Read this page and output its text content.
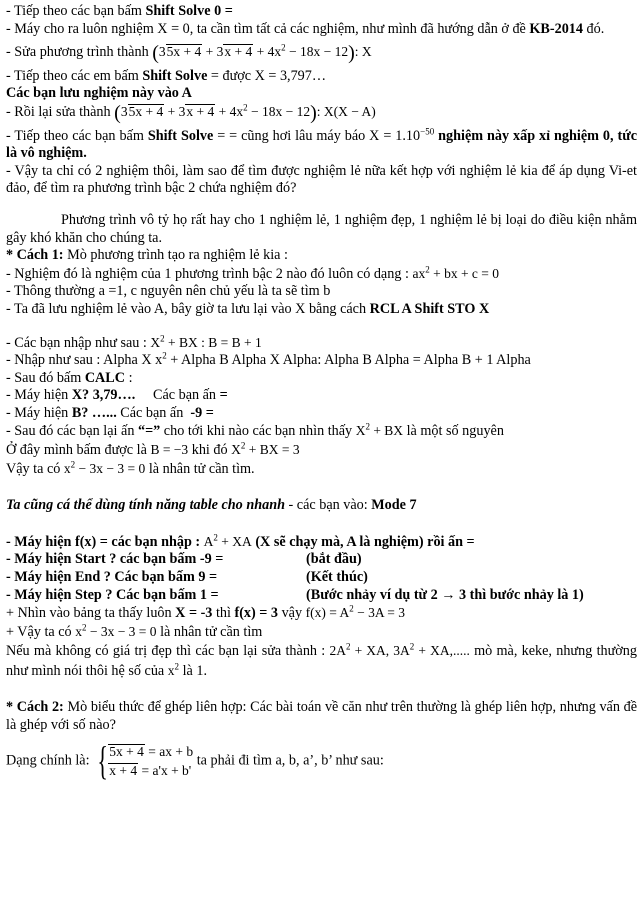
- Tiếp theo các bạn bấm Shift Solve 0 =

- Máy cho ra luôn nghiệm X = 0, ta cần tìm tất cả các nghiệm, như mình đã hướng dẫn ở đề KB-2014 đó.

- Sửa phương trình thành $(35x + 4 + 3x + 4 + 4x^2 - 18x - 12)$: X

- Tiếp theo các em bấm Shift Solve = được X = 3,797…

Các bạn lưu nghiệm này vào A

- Rồi lại sửa thành $(35x + 4 + 3x + 4 + 4x^2 - 18x - 12)$: X(X − A)

- Tiếp theo các bạn bấm Shift Solve = = cũng hơi lâu máy báo $X = 1.10^{-50}$ nghiệm này xấp xỉ nghiệm 0, tức là vô nghiệm.

- Vậy ta chỉ có 2 nghiệm thôi, làm sao để tìm được nghiệm lẻ nữa kết hợp với nghiệm lẻ kia để áp dụng Vi-et đảo, để tìm ra phương trình bậc 2 chứa nghiệm đó?

Phương trình vô tỷ họ rất hay cho 1 nghiệm lẻ, 1 nghiệm đẹp, 1 nghiệm lẻ bị loại do điều kiện nhằm gây khó khăn cho chúng ta.

* Cách 1: Mò phương trình tạo ra nghiệm lẻ kia :

- Nghiệm đó là nghiệm của 1 phương trình bậc 2 nào đó luôn có dạng : $ax^2$ + bx + c = 0

- Thông thường a =1, c nguyên nên chủ yếu là ta sẽ tìm b

- Ta đã lưu nghiệm lẻ vào A, bây giờ ta lưu lại vào X bằng cách RCL A Shift STO X

- Các bạn nhập như sau : $X^2$ + BX : B = B + 1

- Nhập như sau : Alpha X $x^2$ + Alpha B Alpha X Alpha: Alpha B Alpha = Alpha B + 1 Alpha

- Sau đó bấm CALC :

- Máy hiện X? 3,79….     Các bạn ấn =

- Máy hiện B? …... Các bạn ấn  -9 =

- Sau đó các bạn lại ấn “=” cho tới khi nào các bạn nhìn thấy $X^2$ + BX là một số nguyên

Ở đây mình bấm được là B = −3 khi đó $X^2$ + BX = 3

Vậy ta có $x^2 - 3x - 3 = 0$ là nhân tử cần tìm.

Ta cũng cá thể dùng tính năng table cho nhanh - các bạn vào: Mode 7

- Máy hiện f(x) = các bạn nhập : $A^2$ + XA (X sẽ chạy mà, A là nghiệm) rồi ấn =

- Máy hiện Start ? các bạn bấm -9 =	(bắt đầu)

- Máy hiện End ? Các bạn bấm 9 =	(Kết thúc)

- Máy hiện Step ? Các bạn bấm 1 =	(Bước nhảy ví dụ từ 2 → 3 thì bước nhảy là 1)

+ Nhìn vào bảng ta thấy luôn X = -3 thì f(x) = 3 vậy $f(x) = A^2 - 3A = 3$

+ Vậy ta có $x^2 - 3x - 3 = 0$ là nhân tử cần tìm

Nếu mà không có giá trị đẹp thì các bạn lại sửa thành : $2A^2$ + XA, $3A^2$ + XA,..... mò mà, keke, nhưng thường như mình nói thôi hệ số của $x^2$ là 1.

* Cách 2: Mò biểu thức để ghép liên hợp: Các bài toán về căn như trên thường là ghép liên hợp, nhưng vấn đề là ghép với số nào?

Dạng chính là: { 5x + 4 = ax + b
x + 4 = a'x + b'
ta phải đi tìm a, b, a’, b’ như sau:
